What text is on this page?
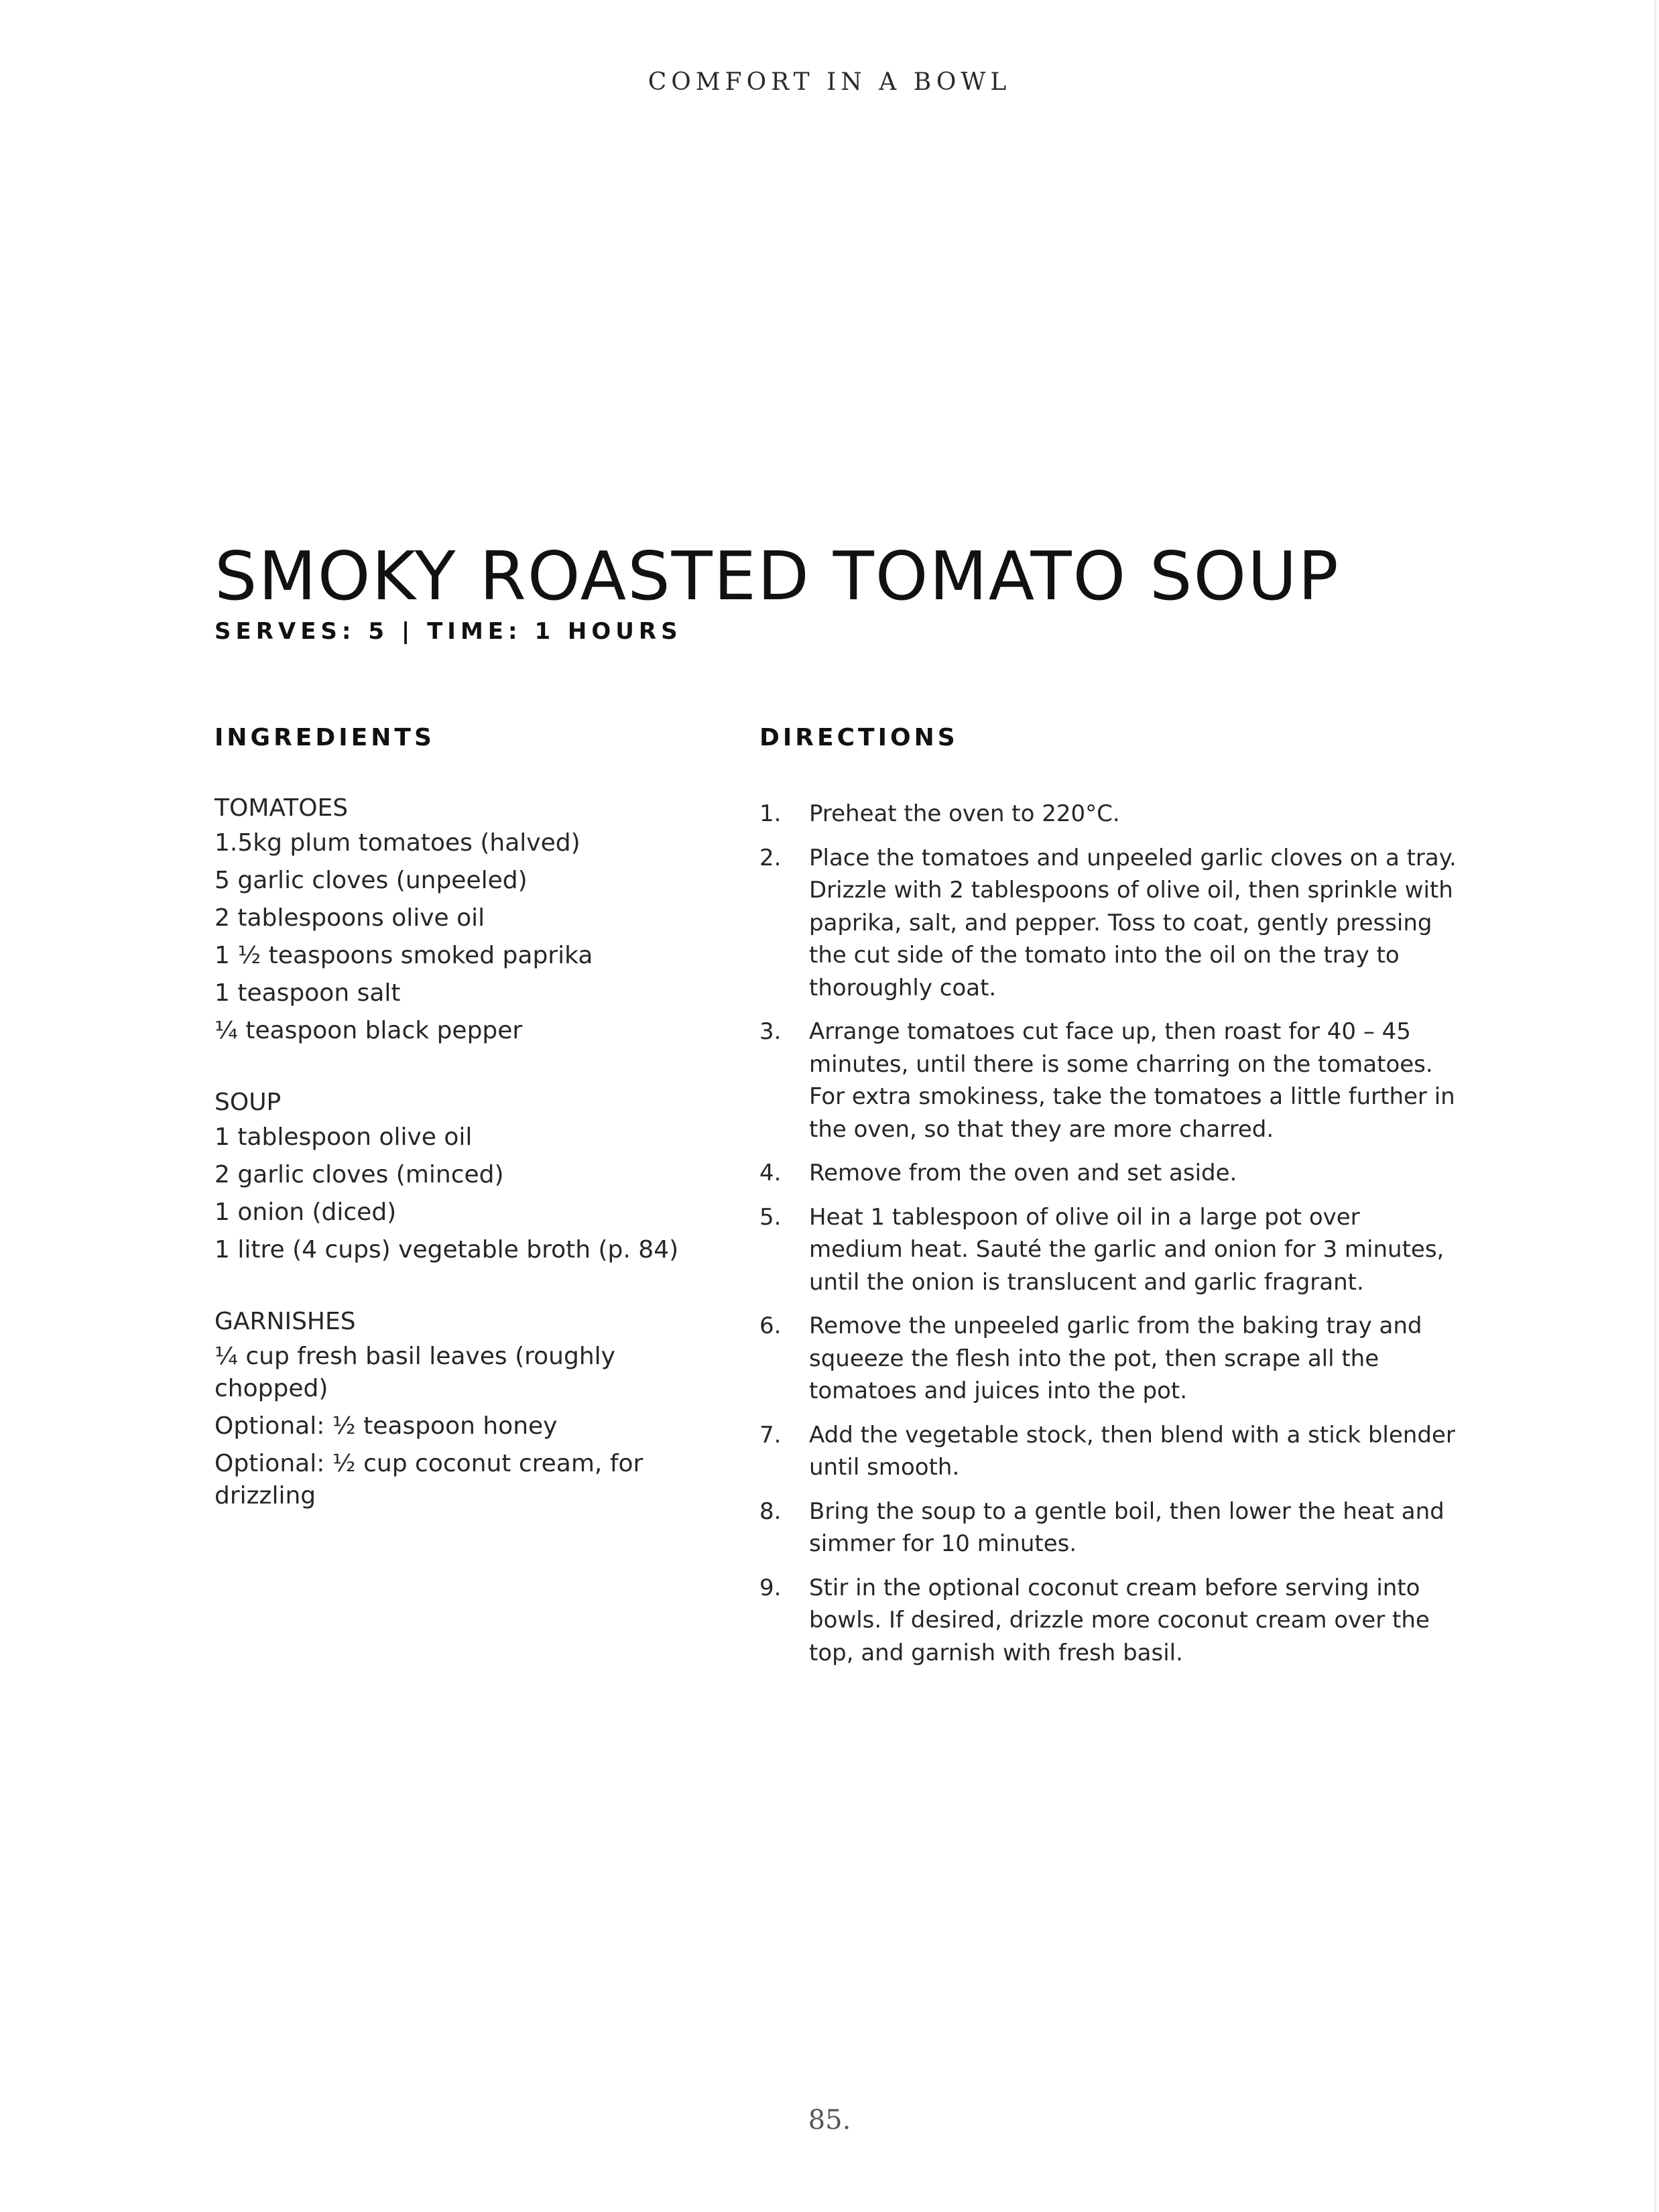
COMFORT IN A BOWL
SMOKY ROASTED TOMATO SOUP
SERVES: 5 | TIME: 1 HOURS
INGREDIENTS	DIRECTIONS
TOMATOES
1.5kg plum tomatoes (halved)
5 garlic cloves (unpeeled)
2 tablespoons olive oil
1 ½ teaspoons smoked paprika
1 teaspoon salt
¼ teaspoon black pepper
SOUP
1 tablespoon olive oil
2 garlic cloves (minced)
1 onion (diced)
1 litre (4 cups) vegetable broth (p. 84)
GARNISHES
¼ cup fresh basil leaves (roughly chopped)
Optional: ½ teaspoon honey
Optional: ½ cup coconut cream, for drizzling
1. Preheat the oven to 220°C.
2. Place the tomatoes and unpeeled garlic cloves on a tray. Drizzle with 2 tablespoons of olive oil, then sprinkle with paprika, salt, and pepper. Toss to coat, gently pressing the cut side of the tomato into the oil on the tray to thoroughly coat.
3. Arrange tomatoes cut face up, then roast for 40 – 45 minutes, until there is some charring on the tomatoes. For extra smokiness, take the tomatoes a little further in the oven, so that they are more charred.
4. Remove from the oven and set aside.
5. Heat 1 tablespoon of olive oil in a large pot over medium heat. Sauté the garlic and onion for 3 minutes, until the onion is translucent and garlic fragrant.
6. Remove the unpeeled garlic from the baking tray and squeeze the flesh into the pot, then scrape all the tomatoes and juices into the pot.
7. Add the vegetable stock, then blend with a stick blender until smooth.
8. Bring the soup to a gentle boil, then lower the heat and simmer for 10 minutes.
9. Stir in the optional coconut cream before serving into bowls. If desired, drizzle more coconut cream over the top, and garnish with fresh basil.
85.
